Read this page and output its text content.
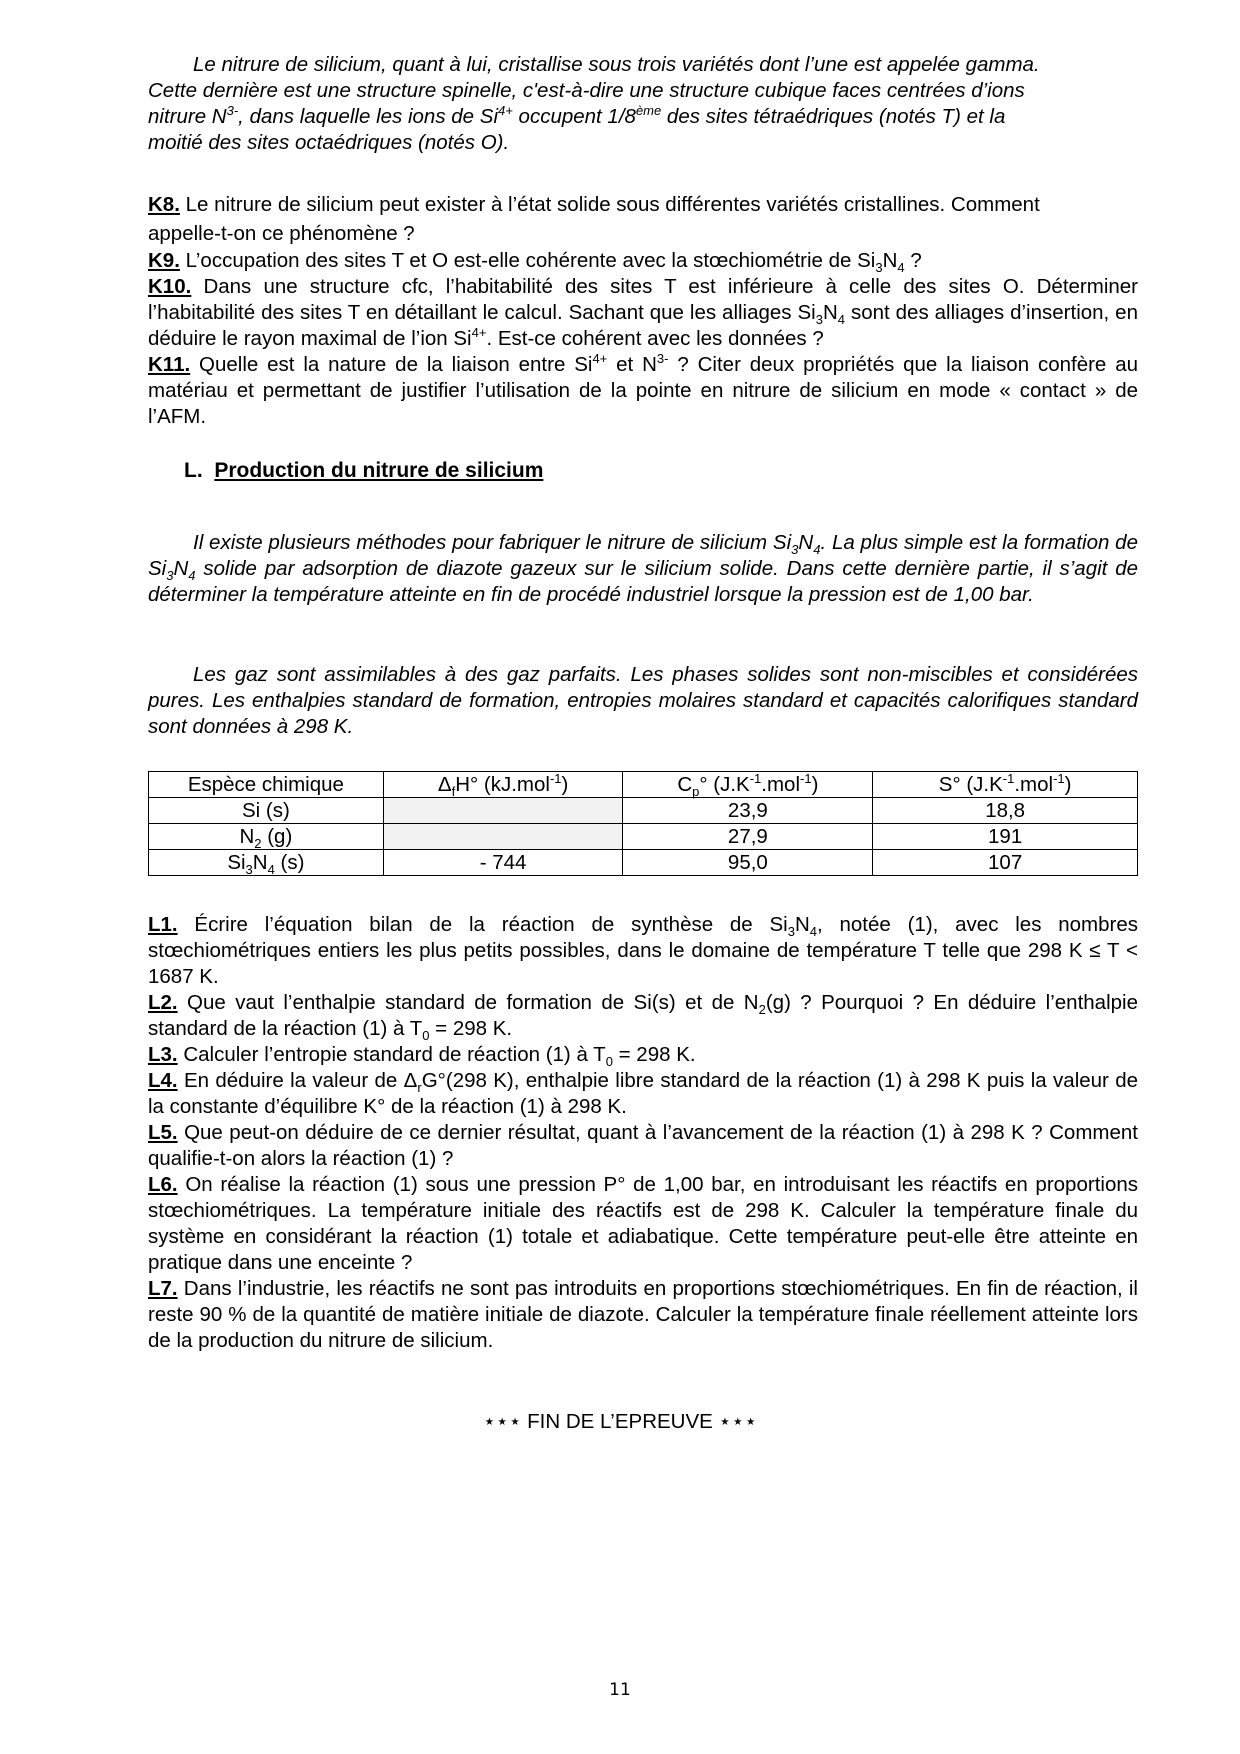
Le nitrure de silicium, quant à lui, cristallise sous trois variétés dont l’une est appelée gamma.

Cette dernière est une structure spinelle, c'est-à-dire une structure cubique faces centrées d’ions

nitrure $N^{3-}$, dans laquelle les ions de $Si^{4+}$ occupent 1/8ème des sites tétraédriques (notés T) et la

moitié des sites octaédriques (notés O).

K8. Le nitrure de silicium peut exister à l’état solide sous différentes variétés cristallines. Comment

appelle-t-on ce phénomène ?

K9. L’occupation des sites T et O est-elle cohérente avec la stœchiométrie de $Si_3N_4$ ?

K10. Dans une structure cfc, l’habitabilité des sites T est inférieure à celle des sites O. Déterminer l’habitabilité des sites T en détaillant le calcul. Sachant que les alliages $Si_3N_4$ sont des alliages d’insertion, en déduire le rayon maximal de l’ion $Si^{4+}$. Est-ce cohérent avec les données ?

K11. Quelle est la nature de la liaison entre $Si^{4+}$ et $N^{3-}$ ? Citer deux propriétés que la liaison confère au matériau et permettant de justifier l’utilisation de la pointe en nitrure de silicium en mode « contact » de l’AFM.

L. Production du nitrure de silicium

Il existe plusieurs méthodes pour fabriquer le nitrure de silicium $Si_3N_4$. La plus simple est la formation de $Si_3N_4$ solide par adsorption de diazote gazeux sur le silicium solide. Dans cette dernière partie, il s’agit de déterminer la température atteinte en fin de procédé industriel lorsque la pression est de 1,00 bar.

Les gaz sont assimilables à des gaz parfaits. Les phases solides sont non-miscibles et considérées pures. Les enthalpies standard de formation, entropies molaires standard et capacités calorifiques standard sont données à 298 K.

Espèce chimique	$\Delta_fH^\circ$ (kJ.mol$^{-1}$)	$C_p^\circ$ $(J.K^{-1}.mol^{-1})$	S° $(J.K^{-1}.mol^{-1})$
Si (s)		23,9	18,8
$N_2$ (g)		27,9	191
$Si_3N_4$ (s)	- 744	95,0	107

L1. Écrire l’équation bilan de la réaction de synthèse de $Si_3N_4$, notée (1), avec les nombres stœchiométriques entiers les plus petits possibles, dans le domaine de température T telle que 298 K ≤ T < 1687 K.

L2. Que vaut l’enthalpie standard de formation de Si(s) et de $N_2(g)$ ? Pourquoi ? En déduire l’enthalpie standard de la réaction (1) à $T_0 = 298$ K.

L3. Calculer l’entropie standard de réaction (1) à $T_0 = 298$ K.

L4. En déduire la valeur de $\Delta_rG^\circ(298$ K), enthalpie libre standard de la réaction (1) à 298 K puis la valeur de la constante d’équilibre K° de la réaction (1) à 298 K.

L5. Que peut-on déduire de ce dernier résultat, quant à l’avancement de la réaction (1) à 298 K ? Comment qualifie-t-on alors la réaction (1) ?

L6. On réalise la réaction (1) sous une pression P° de 1,00 bar, en introduisant les réactifs en proportions stœchiométriques. La température initiale des réactifs est de 298 K. Calculer la température finale du système en considérant la réaction (1) totale et adiabatique. Cette température peut-elle être atteinte en pratique dans une enceinte ?

L7. Dans l’industrie, les réactifs ne sont pas introduits en proportions stœchiométriques. En fin de réaction, il reste 90 % de la quantité de matière initiale de diazote. Calculer la température finale réellement atteinte lors de la production du nitrure de silicium.

⋆⋆⋆ FIN DE L’EPREUVE ⋆⋆⋆
11
